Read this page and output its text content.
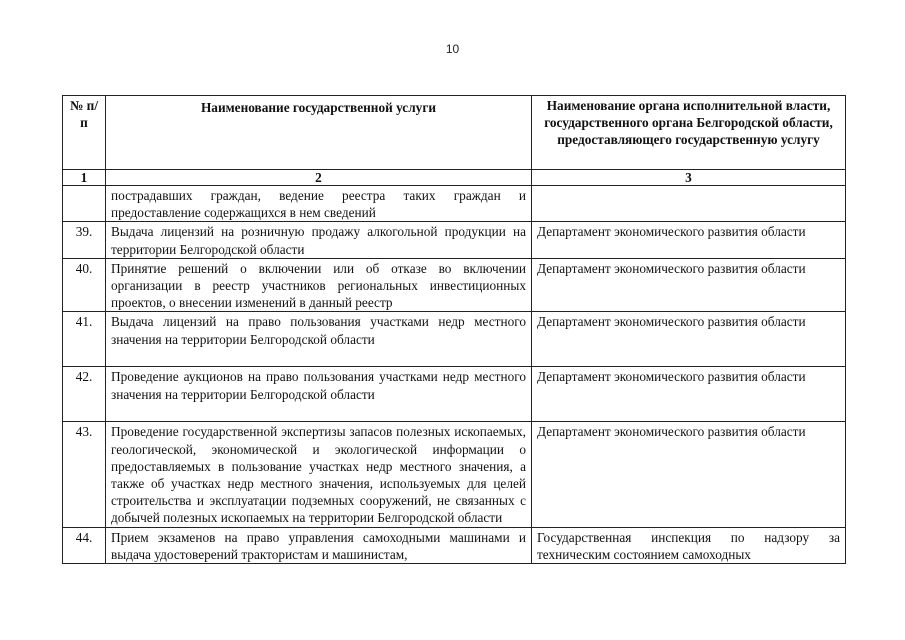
10
№ п/п	Наименование государственной услуги	Наименование органа исполнительной власти, государственного органа Белгородской области, предоставляющего государственную услугу
1	2	3
	пострадавших граждан, ведение реестра таких граждан и предоставление содержащихся в нем сведений	
39.	Выдача лицензий на розничную продажу алкогольной продукции на территории Белгородской области	Департамент экономического развития области
40.	Принятие решений о включении или об отказе во включении организации в реестр участников региональных инвестиционных проектов, о внесении изменений в данный реестр	Департамент экономического развития области
41.	Выдача лицензий на право пользования участками недр местного значения на территории Белгородской области	Департамент экономического развития области
42.	Проведение аукционов на право пользования участками недр местного значения на территории Белгородской области	Департамент экономического развития области
43.	Проведение государственной экспертизы запасов полезных ископаемых, геологической, экономической и экологической информации о предоставляемых в пользование участках недр местного значения, а также об участках недр местного значения, используемых для целей строительства и эксплуатации подземных сооружений, не связанных с добычей полезных ископаемых на территории Белгородской области	Департамент экономического развития области
44.	Прием экзаменов на право управления самоходными машинами и выдача удостоверений трактористам и машинистам,	Государственная инспекция по надзору за техническим состоянием самоходных
